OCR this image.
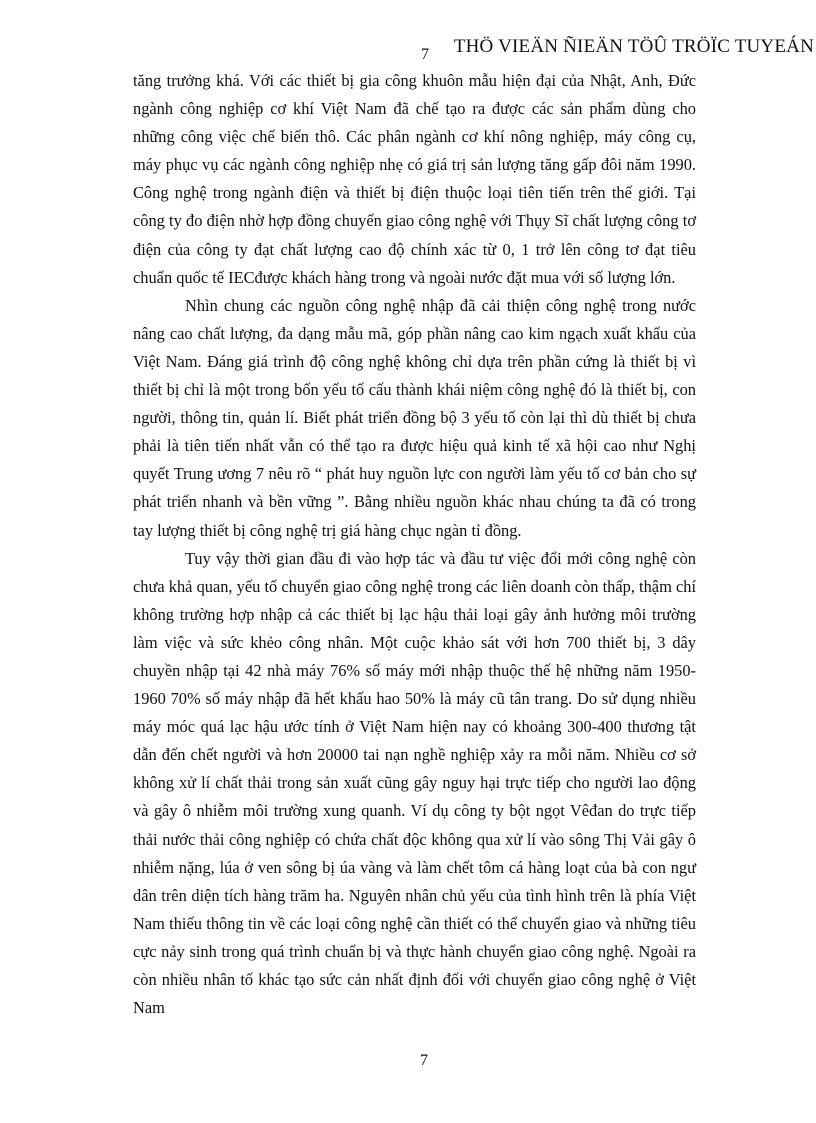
THÖ VIEÄN ÑIEÄN TÖÛ TRÖÏC TUYEÁN
7

tăng trưởng khá. Với các thiết bị gia công khuôn mẫu hiện đại của Nhật, Anh, Đức ngành công nghiệp cơ khí Việt Nam đã chế tạo ra được các sản phẩm dùng cho những công việc chế biến thô. Các phân ngành cơ khí nông nghiệp, máy công cụ, máy phục vụ các ngành công nghiệp nhẹ có giá trị sản lượng tăng gấp đôi năm 1990. Công nghệ trong ngành điện và thiết bị điện thuộc loại tiên tiến trên thế giới. Tại công ty đo điện nhờ hợp đồng chuyển giao công nghệ với Thụy Sĩ chất lượng công tơ điện của công ty đạt chất lượng cao độ chính xác từ 0, 1 trở lên công tơ đạt tiêu chuẩn quốc tế IECđược khách hàng trong và ngoài nước đặt mua với số lượng lớn.

Nhìn chung các nguồn công nghệ nhập đã cải thiện công nghệ trong nước nâng cao chất lượng, đa dạng mẫu mã, góp phần nâng cao kim ngạch xuất khẩu của Việt Nam. Đáng giá trình độ công nghệ không chỉ dựa trên phần cứng là thiết bị vì thiết bị chỉ là một trong bốn yếu tố cấu thành khái niệm công nghệ đó là thiết bị, con người, thông tin, quản lí. Biết phát triển đồng bộ 3 yếu tố còn lại thì dù thiết bị chưa phải là tiên tiến nhất vẫn có thể tạo ra được hiệu quả kinh tế xã hội cao như Nghị quyết Trung ương 7 nêu rõ “ phát huy nguồn lực con người làm yếu tố cơ bản cho sự phát triển nhanh và bền vững ”. Bằng nhiều nguồn khác nhau chúng ta đã có trong tay lượng thiết bị công nghệ trị giá hàng chục ngàn tỉ đồng.

Tuy vậy thời gian đầu đi vào hợp tác và đầu tư việc đổi mới công nghệ còn chưa khả quan, yếu tố chuyển giao công nghệ trong các liên doanh còn thấp, thậm chí không trường hợp nhập cả các thiết bị lạc hậu thải loại gây ảnh hưởng môi trường làm việc và sức khẻo công nhân. Một cuộc khảo sát với hơn 700 thiết bị, 3 dây chuyền nhập tại 42 nhà máy 76% số máy mới nhập thuộc thế hệ những năm 1950-1960 70% số máy nhập đã hết khấu hao 50% là máy cũ tân trang. Do sử dụng nhiều máy móc quá lạc hậu ước tính ở Việt Nam hiện nay có khoảng 300-400 thương tật dẫn đến chết người và hơn 20000 tai nạn nghề nghiệp xảy ra mỗi năm. Nhiều cơ sở không xử lí chất thải trong sản xuất cũng gây nguy hại trực tiếp cho người lao động và gây ô nhiễm môi trường xung quanh. Ví dụ công ty bột ngọt Vêđan do trực tiếp thải nước thải công nghiệp có chứa chất độc không qua xử lí vào sông Thị Vải gây ô nhiễm nặng, lúa ở ven sông bị úa vàng và làm chết tôm cá hàng loạt của bà con ngư dân trên diện tích hàng trăm ha. Nguyên nhân chủ yếu của tình hình trên là phía Việt Nam thiếu thông tin về các loại công nghệ cần thiết có thể chuyển giao và những tiêu cực nảy sinh trong quá trình chuẩn bị và thực hành chuyển giao công nghệ. Ngoài ra còn nhiều nhân tố khác tạo sức cản nhất định đối với chuyển giao công nghệ ở Việt Nam

7
